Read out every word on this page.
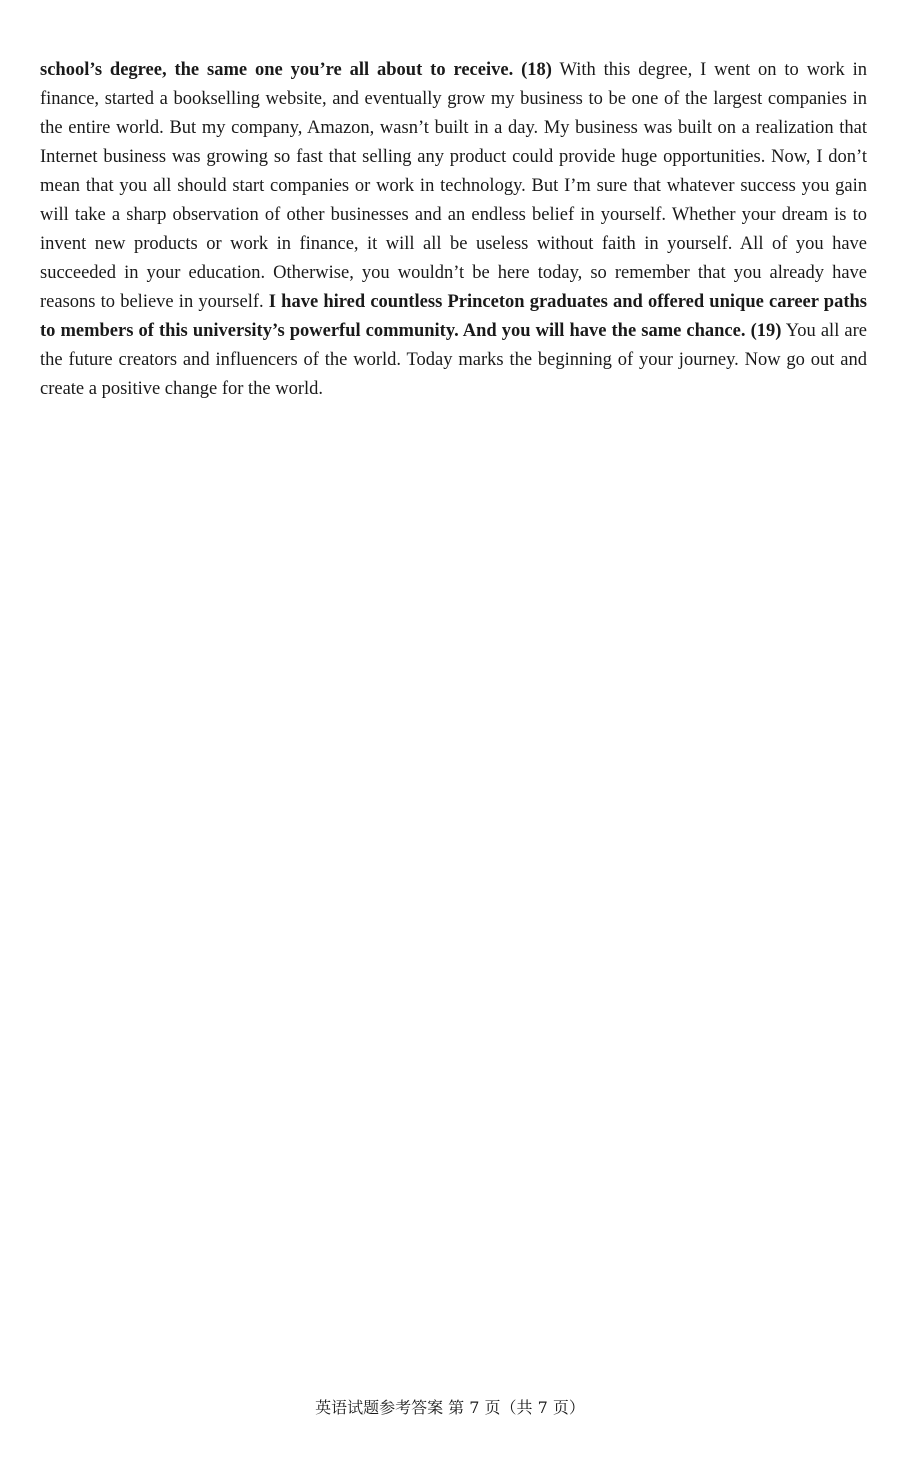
school’s degree, the same one you’re all about to receive. (18) With this degree, I went on to work in finance, started a bookselling website, and eventually grow my business to be one of the largest companies in the entire world. But my company, Amazon, wasn’t built in a day. My business was built on a realization that Internet business was growing so fast that selling any product could provide huge opportunities. Now, I don’t mean that you all should start companies or work in technology. But I’m sure that whatever success you gain will take a sharp observation of other businesses and an endless belief in yourself. Whether your dream is to invent new products or work in finance, it will all be useless without faith in yourself. All of you have succeeded in your education. Otherwise, you wouldn’t be here today, so remember that you already have reasons to believe in yourself. I have hired countless Princeton graduates and offered unique career paths to members of this university’s powerful community. And you will have the same chance. (19) You all are the future creators and influencers of the world. Today marks the beginning of your journey. Now go out and create a positive change for the world.

英语试题参考答案 第 7 页（共 7 页）
